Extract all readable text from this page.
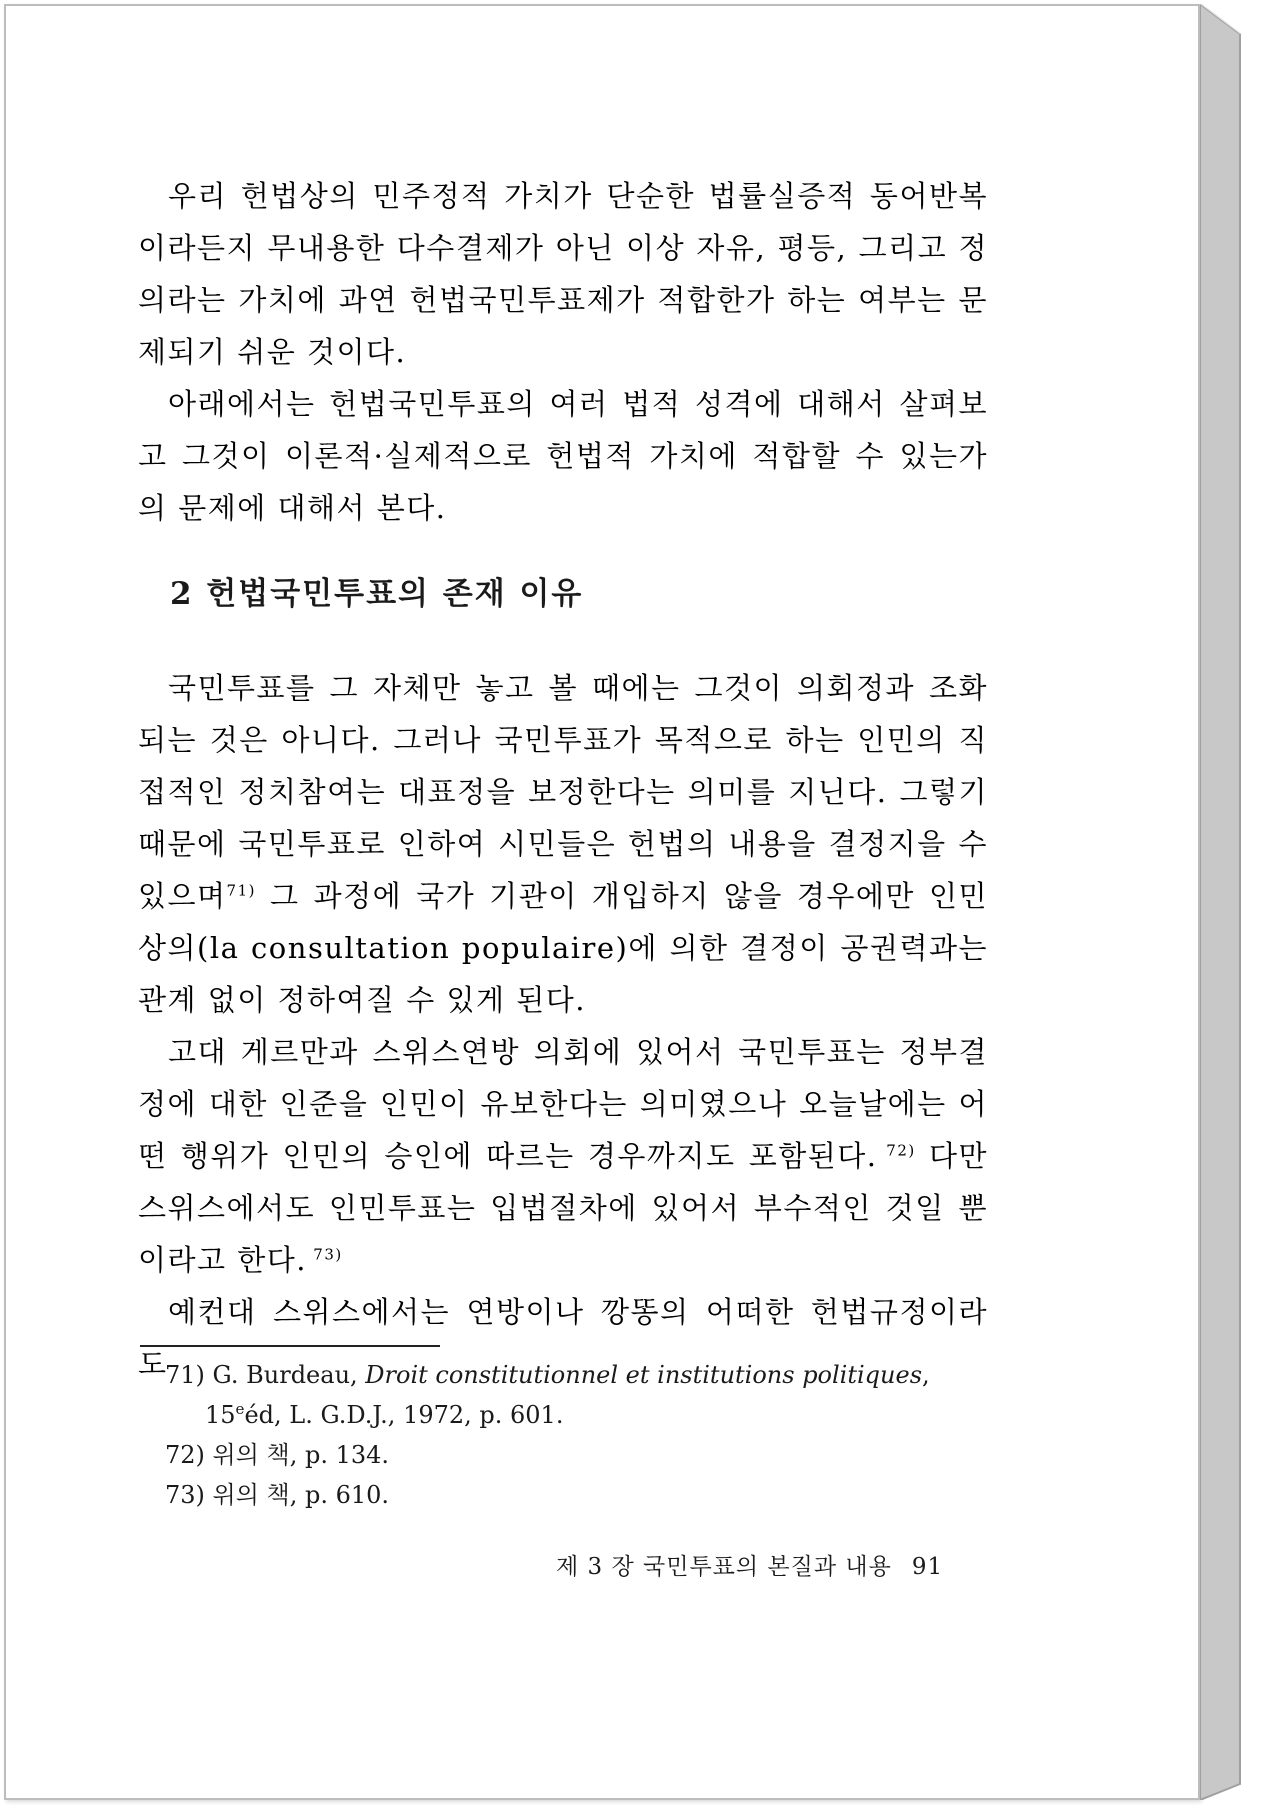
우리 헌법상의 민주정적 가치가 단순한 법률실증적 동어반복이라든지 무내용한 다수결제가 아닌 이상 자유, 평등, 그리고 정의라는 가치에 과연 헌법국민투표제가 적합한가 하는 여부는 문제되기 쉬운 것이다.

아래에서는 헌법국민투표의 여러 법적 성격에 대해서 살펴보고 그것이 이론적·실제적으로 헌법적 가치에 적합할 수 있는가의 문제에 대해서 본다.

2 헌법국민투표의 존재 이유

국민투표를 그 자체만 놓고 볼 때에는 그것이 의회정과 조화되는 것은 아니다. 그러나 국민투표가 목적으로 하는 인민의 직접적인 정치참여는 대표정을 보정한다는 의미를 지닌다. 그렇기 때문에 국민투표로 인하여 시민들은 헌법의 내용을 결정지을 수 있으며$^{71)}$ 그 과정에 국가 기관이 개입하지 않을 경우에만 인민상의(la consultation populaire)에 의한 결정이 공권력과는 관계 없이 정하여질 수 있게 된다.

고대 게르만과 스위스연방 의회에 있어서 국민투표는 정부결정에 대한 인준을 인민이 유보한다는 의미였으나 오늘날에는 어떤 행위가 인민의 승인에 따르는 경우까지도 포함된다. $^{72)}$ 다만 스위스에서도 인민투표는 입법절차에 있어서 부수적인 것일 뿐이라고 한다. $^{73)}$

예컨대 스위스에서는 연방이나 깡똥의 어떠한 헌법규정이라도

71) G. Burdeau, Droit constitutionnel et institutions politiques, 15eéd, L. G.D.J., 1972, p. 601.

72) 위의 책, p. 134.

73) 위의 책, p. 610.

제 3 장 국민투표의 본질과 내용 91
